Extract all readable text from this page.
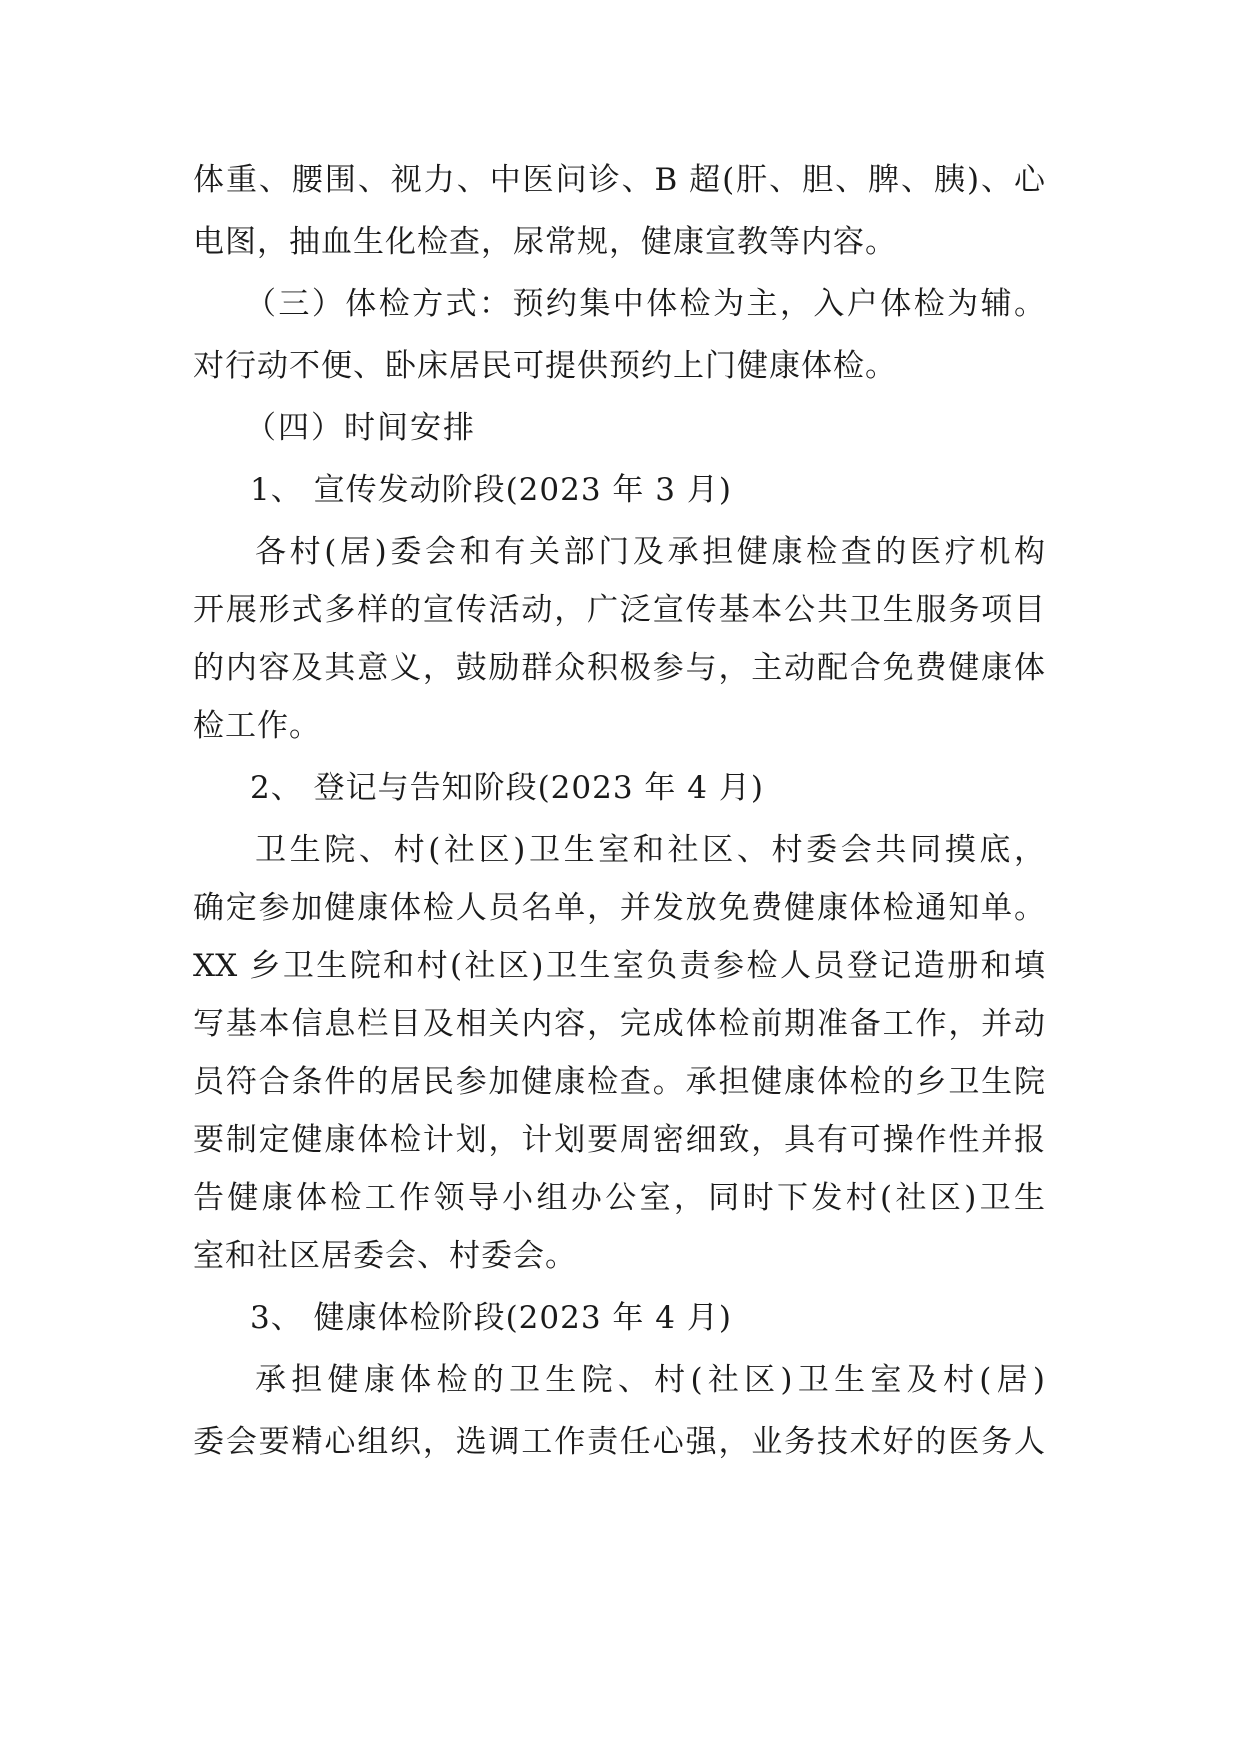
体重、腰围、视力、中医问诊、B 超(肝、胆、脾、胰)、心
电图，抽血生化检查，尿常规，健康宣教等内容。
（三）体检方式：预约集中体检为主，入户体检为辅。
对行动不便、卧床居民可提供预约上门健康体检。
（四）时间安排
1、 宣传发动阶段(2023 年 3 月)
各村(居)委会和有关部门及承担健康检查的医疗机构
开展形式多样的宣传活动，广泛宣传基本公共卫生服务项目
的内容及其意义，鼓励群众积极参与，主动配合免费健康体
检工作。
2、 登记与告知阶段(2023 年 4 月)
卫生院、村(社区)卫生室和社区、村委会共同摸底，
确定参加健康体检人员名单，并发放免费健康体检通知单。
XX 乡卫生院和村(社区)卫生室负责参检人员登记造册和填
写基本信息栏目及相关内容，完成体检前期准备工作，并动
员符合条件的居民参加健康检查。承担健康体检的乡卫生院
要制定健康体检计划，计划要周密细致，具有可操作性并报
告健康体检工作领导小组办公室，同时下发村(社区)卫生
室和社区居委会、村委会。
3、 健康体检阶段(2023 年 4 月)
承担健康体检的卫生院、村(社区)卫生室及村(居)
委会要精心组织，选调工作责任心强，业务技术好的医务人
